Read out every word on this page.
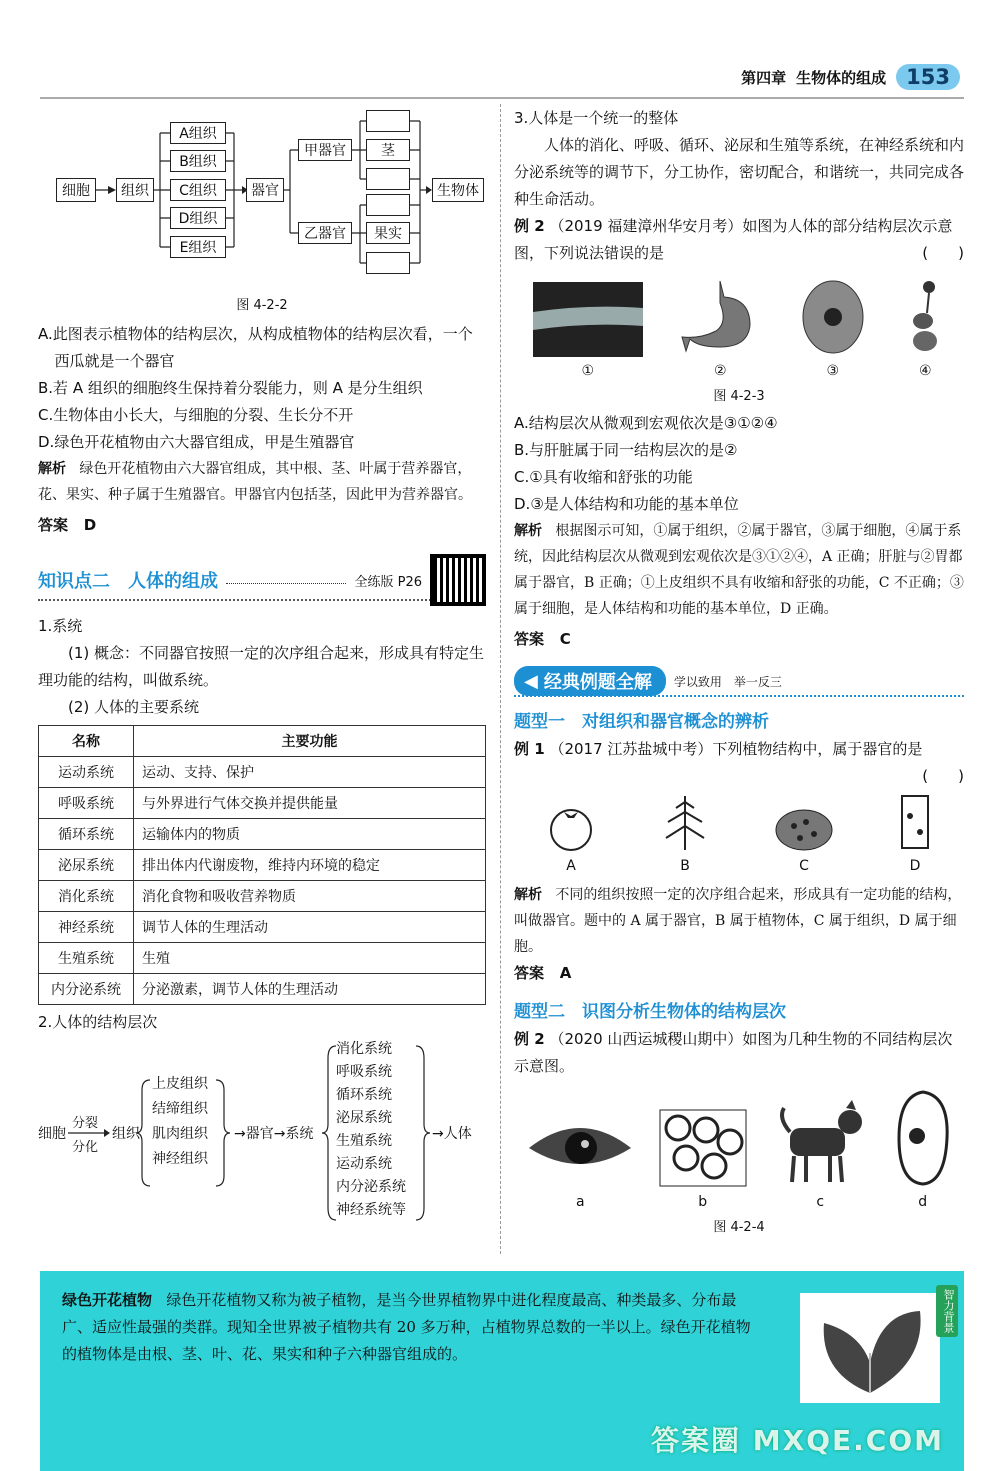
第四章 生物体的组成 153
细胞	组织
A组织
B组织
C组织
D组织
E组织
器官
甲器官
乙器官
茎
果实
生物体
图 4-2-2
A.此图表示植物体的结构层次，从构成植物体的结构层次看，一个西瓜就是一个器官
B.若 A 组织的细胞终生保持着分裂能力，则 A 是分生组织
C.生物体由小长大，与细胞的分裂、生长分不开
D.绿色开花植物由六大器官组成，甲是生殖器官
解析 绿色开花植物由六大器官组成，其中根、茎、叶属于营养器官，花、果实、种子属于生殖器官。甲器官内包括茎，因此甲为营养器官。
答案 D
知识点二　人体的组成	全练版 P26
1.系统
(1) 概念：不同器官按照一定的次序组合起来，形成具有特定生理功能的结构，叫做系统。
(2) 人体的主要系统
名称	主要功能
运动系统	运动、支持、保护
呼吸系统	与外界进行气体交换并提供能量
循环系统	运输体内的物质
泌尿系统	排出体内代谢废物，维持内环境的稳定
消化系统	消化食物和吸收营养物质
神经系统	调节人体的生理活动
生殖系统	生殖
内分泌系统	分泌激素，调节人体的生理活动
2.人体的结构层次
细胞
分裂
分化
组织
上皮组织
结缔组织
肌肉组织
神经组织
→器官→系统
消化系统
呼吸系统
循环系统
泌尿系统
生殖系统
运动系统
内分泌系统
神经系统等
→人体
3.人体是一个统一的整体
人体的消化、呼吸、循环、泌尿和生殖等系统，在神经系统和内分泌系统等的调节下，分工协作，密切配合，和谐统一，共同完成各种生命活动。
例 2 （2019 福建漳州华安月考）如图为人体的部分结构层次示意图，下列说法错误的是	(　　)
①	②	③	④
图 4-2-3
A.结构层次从微观到宏观依次是③①②④
B.与肝脏属于同一结构层次的是②
C.①具有收缩和舒张的功能
D.③是人体结构和功能的基本单位
解析 根据图示可知，①属于组织，②属于器官，③属于细胞，④属于系统，因此结构层次从微观到宏观依次是③①②④，A 正确；肝脏与②胃都属于器官，B 正确；①上皮组织不具有收缩和舒张的功能，C 不正确；③属于细胞，是人体结构和功能的基本单位，D 正确。
答案 C
◀ 经典例题全解 学以致用　举一反三
题型一　对组织和器官概念的辨析
例 1 （2017 江苏盐城中考）下列植物结构中，属于器官的是
(　　)
A	B	C	D
解析 不同的组织按照一定的次序组合起来，形成具有一定功能的结构，叫做器官。题中的 A 属于器官，B 属于植物体，C 属于组织，D 属于细胞。
答案 A
题型二　识图分析生物体的结构层次
例 2 （2020 山西运城稷山期中）如图为几种生物的不同结构层次示意图。
a	b	c	d
图 4-2-4
绿色开花植物 绿色开花植物又称为被子植物，是当今世界植物界中进化程度最高、种类最多、分布最广、适应性最强的类群。现知全世界被子植物共有 20 多万种，占植物界总数的一半以上。绿色开花植物的植物体是由根、茎、叶、花、果实和种子六种器官组成的。
智力背景
答案圈 MXQE.COM
